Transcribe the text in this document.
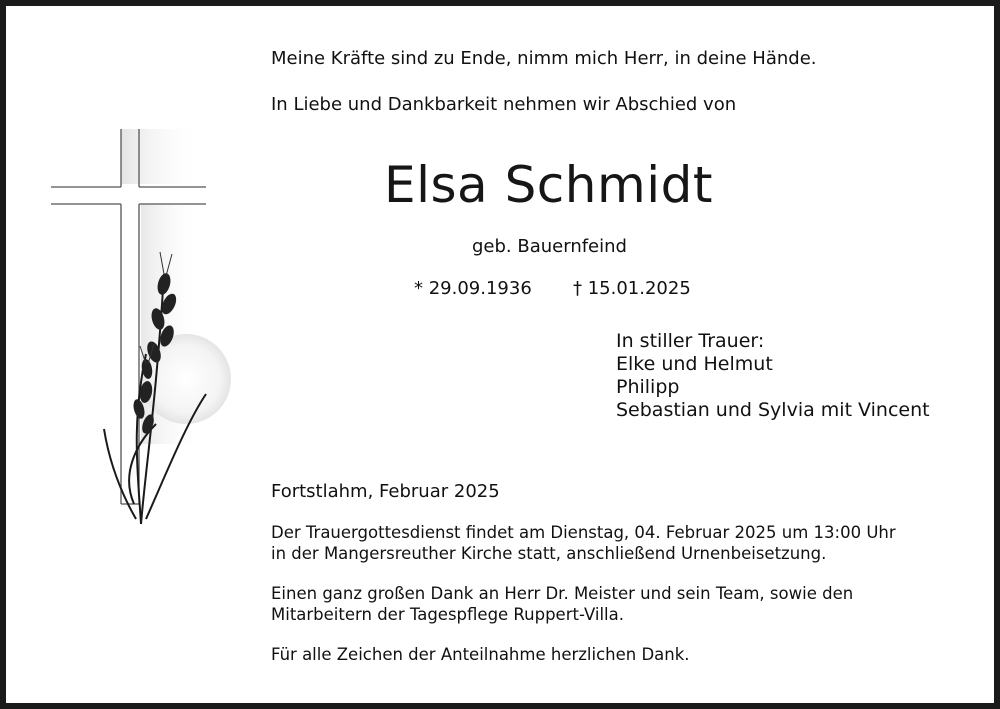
Meine Kräfte sind zu Ende, nimm mich Herr, in deine Hände.

In Liebe und Dankbarkeit nehmen wir Abschied von

Elsa Schmidt

geb. Bauernfeind

* 29.09.1936 † 15.01.2025

In stiller Trauer:
Elke und Helmut
Philipp
Sebastian und Sylvia mit Vincent

Fortstlahm, Februar 2025

Der Trauergottesdienst findet am Dienstag, 04. Februar 2025 um 13:00 Uhr
in der Mangersreuther Kirche statt, anschließend Urnenbeisetzung.
Einen ganz großen Dank an Herr Dr. Meister und sein Team, sowie den
Mitarbeitern der Tagespflege Ruppert-Villa.
Für alle Zeichen der Anteilnahme herzlichen Dank.
